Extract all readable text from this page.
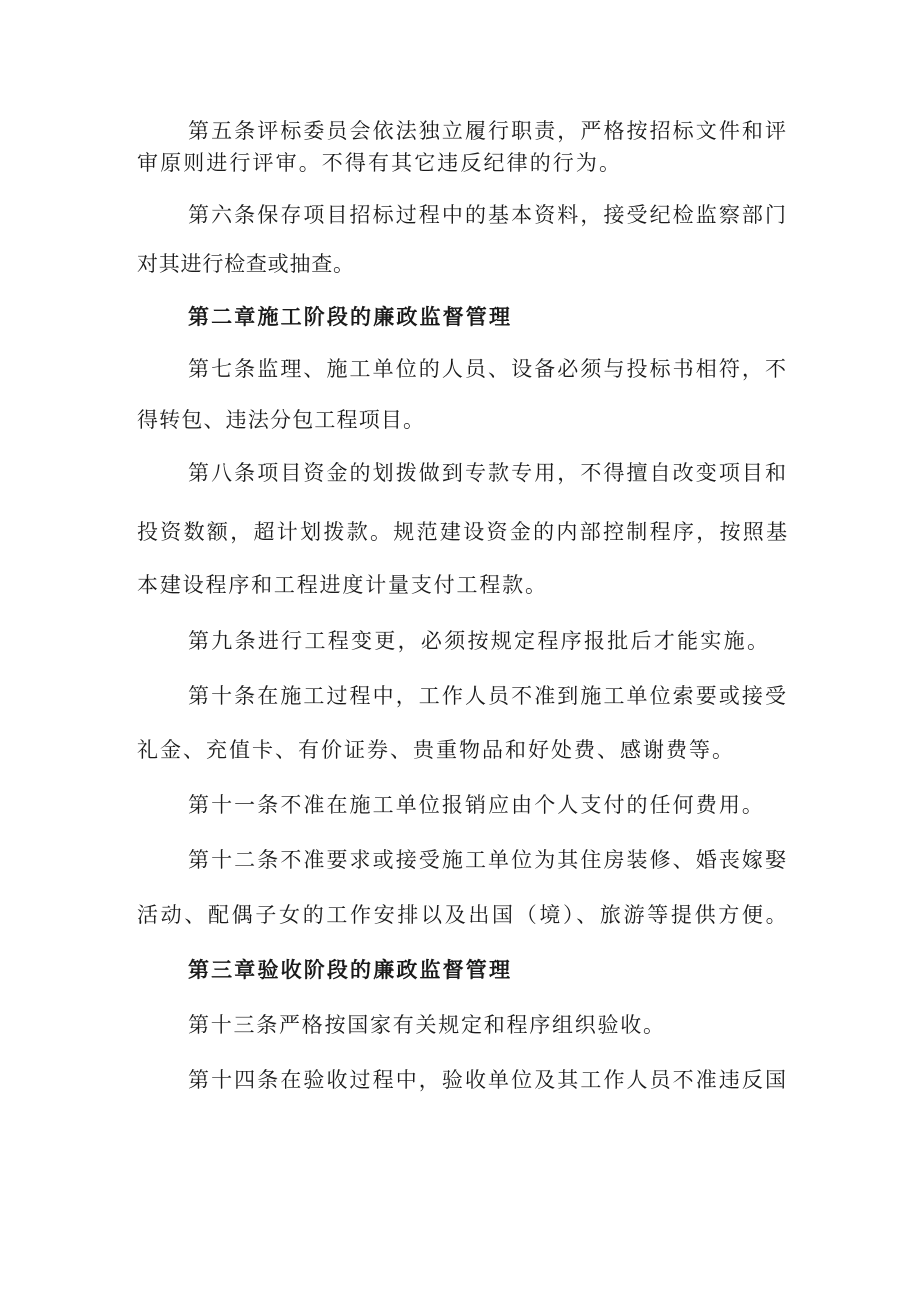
第五条评标委员会依法独立履行职责，严格按招标文件和评
审原则进行评审。不得有其它违反纪律的行为。
第六条保存项目招标过程中的基本资料，接受纪检监察部门
对其进行检查或抽查。
第二章施工阶段的廉政监督管理
第七条监理、施工单位的人员、设备必须与投标书相符，不
得转包、违法分包工程项目。
第八条项目资金的划拨做到专款专用，不得擅自改变项目和
投资数额，超计划拨款。规范建设资金的内部控制程序，按照基
本建设程序和工程进度计量支付工程款。
第九条进行工程变更，必须按规定程序报批后才能实施。
第十条在施工过程中，工作人员不准到施工单位索要或接受
礼金、充值卡、有价证券、贵重物品和好处费、感谢费等。
第十一条不准在施工单位报销应由个人支付的任何费用。
第十二条不准要求或接受施工单位为其住房装修、婚丧嫁娶
活动、配偶子女的工作安排以及出国（境）、旅游等提供方便。
第三章验收阶段的廉政监督管理
第十三条严格按国家有关规定和程序组织验收。
第十四条在验收过程中，验收单位及其工作人员不准违反国
